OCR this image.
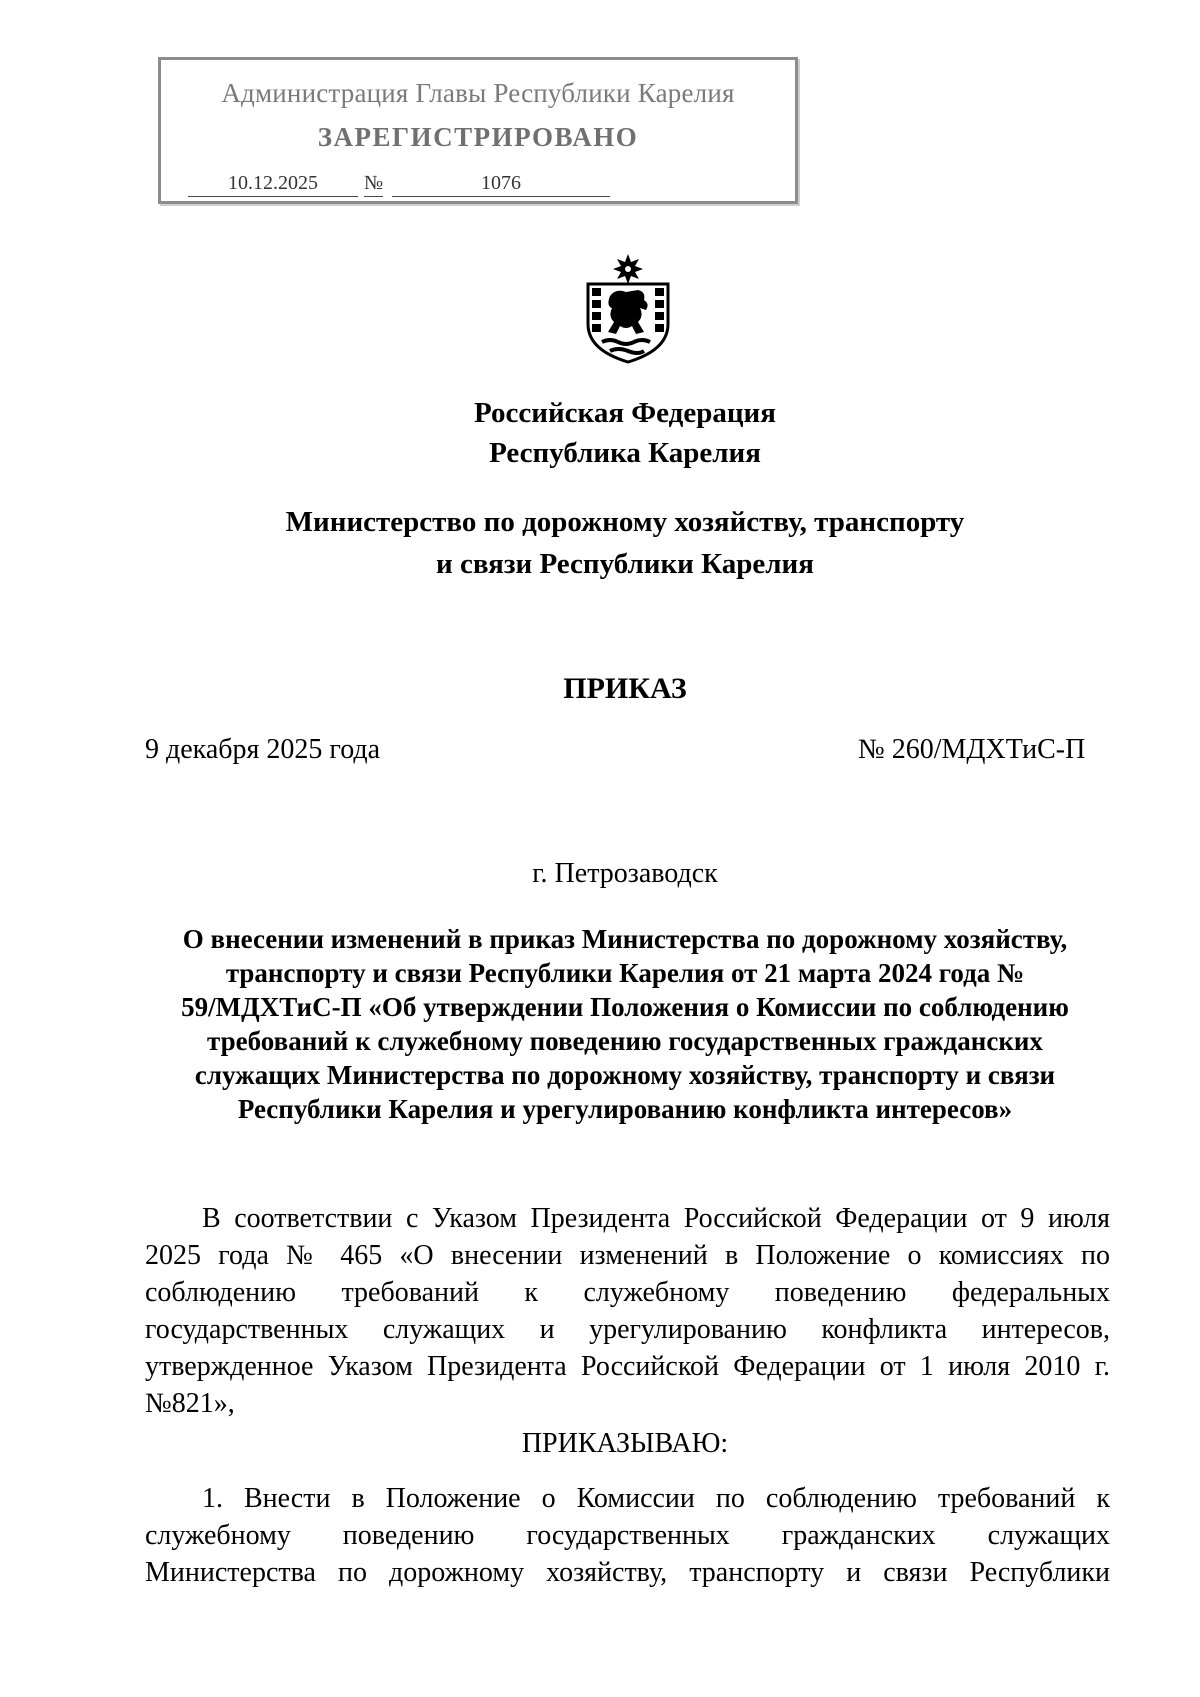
Администрация Главы Республики Карелия
ЗАРЕГИСТРИРОВАНО
10.12.2025	№	1076
Российская Федерация
Республика Карелия
Министерство по дорожному хозяйству, транспорту
и связи Республики Карелия
ПРИКАЗ
9 декабря 2025 года	№ 260/МДХТиС-П
г. Петрозаводск
О внесении изменений в приказ Министерства по дорожному хозяйству,
транспорту и связи Республики Карелия от 21 марта 2024 года №
59/МДХТиС-П «Об утверждении Положения о Комиссии по соблюдению
требований к служебному поведению государственных гражданских
служащих Министерства по дорожному хозяйству, транспорту и связи
Республики Карелия и урегулированию конфликта интересов»
В соответствии с Указом Президента Российской Федерации от 9 июля
2025 года № 465 «О внесении изменений в Положение о комиссиях по
соблюдению требований к служебному поведению федеральных
государственных служащих и урегулированию конфликта интересов,
утвержденное Указом Президента Российской Федерации от 1 июля 2010 г.
№821»,
ПРИКАЗЫВАЮ:
1. Внести в Положение о Комиссии по соблюдению требований к
служебному поведению государственных гражданских служащих
Министерства по дорожному хозяйству, транспорту и связи Республики
